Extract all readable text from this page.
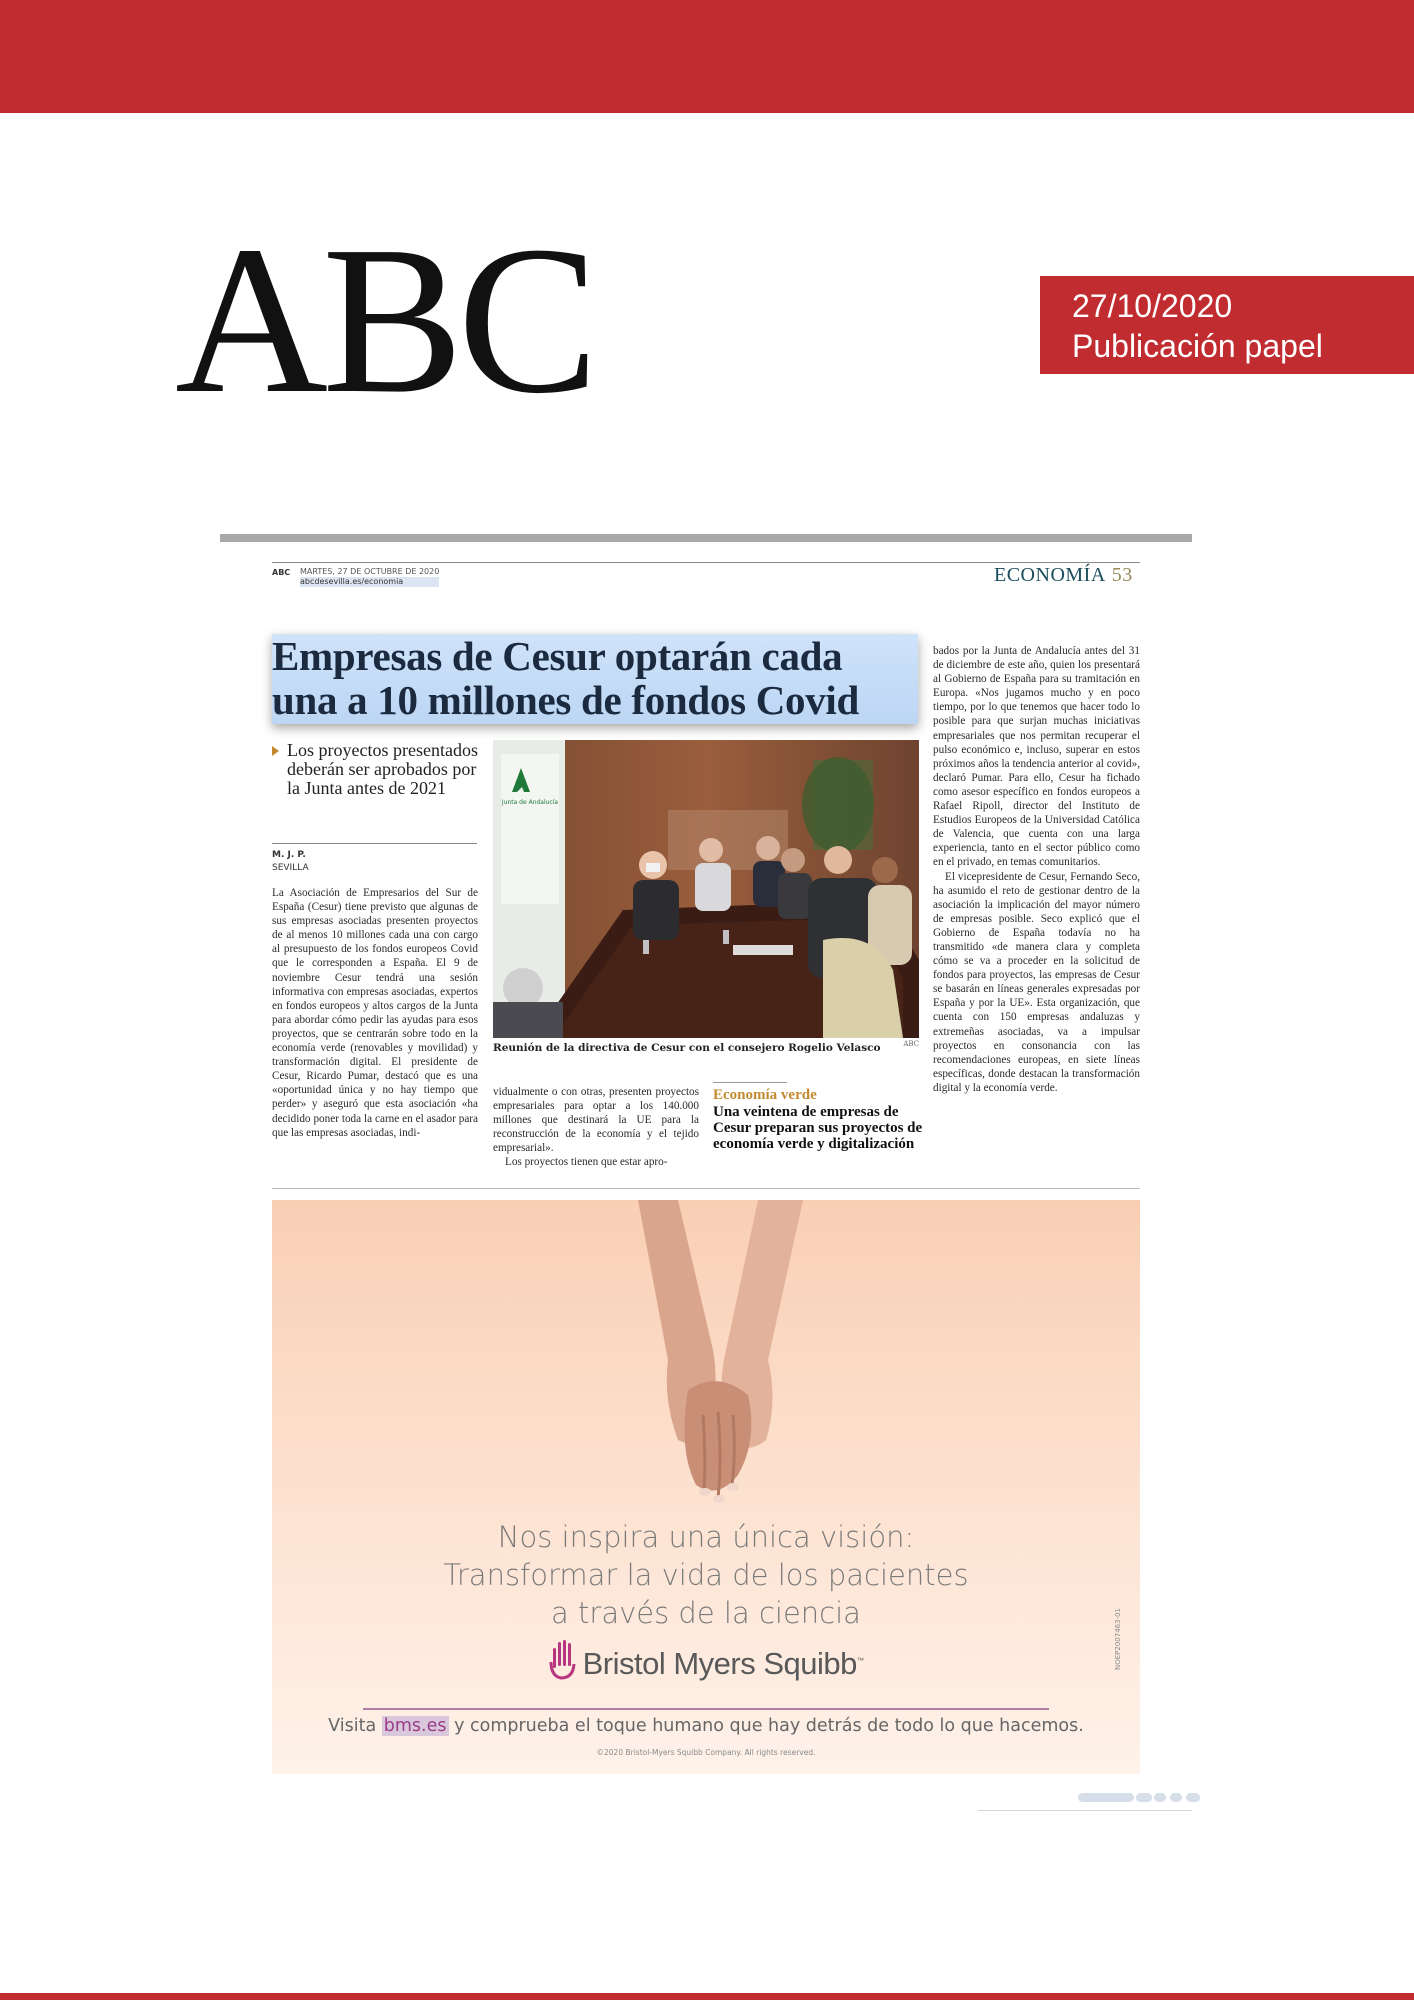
ABC	27/10/2020
Publicación papel
ABC MARTES, 27 DE OCTUBRE DE 2020
abcdesevilla.es/economia	ECONOMÍA 53
Empresas de Cesur optarán cada
una a 10 millones de fondos Covid
Los proyectos presentados deberán ser aprobados por la Junta antes de 2021
M. J. P.
SEVILLA

La Asociación de Empresarios del Sur de España (Cesur) tiene previsto que algunas de sus empresas asociadas presenten proyectos de al menos 10 millones cada una con cargo al presupuesto de los fondos europeos Covid que le corresponden a España. El 9 de noviembre Cesur tendrá una sesión informativa con empresas asociadas, expertos en fondos europeos y altos cargos de la Junta para abordar cómo pedir las ayudas para esos proyectos, que se centrarán sobre todo en la economía verde (renovables y movilidad) y transformación digital. El presidente de Cesur, Ricardo Pumar, destacó que es una «oportunidad única y no hay tiempo que perder» y aseguró que esta asociación «ha decidido poner toda la carne en el asador para que las empresas asociadas, indi-

Junta de Andalucía
Reunión de la directiva de Cesur con el consejero Rogelio Velasco	ABC

vidualmente o con otras, presenten proyectos empresariales para optar a los 140.000 millones que destinará la UE para la reconstrucción de la economía y el tejido empresarial».
Los proyectos tienen que estar apro-

Economía verde
Una veintena de empresas de Cesur preparan sus proyectos de economía verde y digitalización

bados por la Junta de Andalucía antes del 31 de diciembre de este año, quien los presentará al Gobierno de España para su tramitación en Europa. «Nos jugamos mucho y en poco tiempo, por lo que tenemos que hacer todo lo posible para que surjan muchas iniciativas empresariales que nos permitan recuperar el pulso económico e, incluso, superar en estos próximos años la tendencia anterior al covid», declaró Pumar. Para ello, Cesur ha fichado como asesor específico en fondos europeos a Rafael Ripoll, director del Instituto de Estudios Europeos de la Universidad Católica de Valencia, que cuenta con una larga experiencia, tanto en el sector público como en el privado, en temas comunitarios.
El vicepresidente de Cesur, Fernando Seco, ha asumido el reto de gestionar dentro de la asociación la implicación del mayor número de empresas posible. Seco explicó que el Gobierno de España todavía no ha transmitido «de manera clara y completa cómo se va a proceder en la solicitud de fondos para proyectos, las empresas de Cesur se basarán en líneas generales expresadas por España y por la UE». Esta organización, que cuenta con 150 empresas andaluzas y extremeñas asociadas, va a impulsar proyectos en consonancia con las recomendaciones europeas, en siete líneas específicas, donde destacan la transformación digital y la economía verde.

Nos inspira una única visión:
Transformar la vida de los pacientes
a través de la ciencia
Bristol Myers Squibb™
Visita bms.es y comprueba el toque humano que hay detrás de todo lo que hacemos.
©2020 Bristol-Myers Squibb Company. All rights reserved.
NOEP2007463-01
